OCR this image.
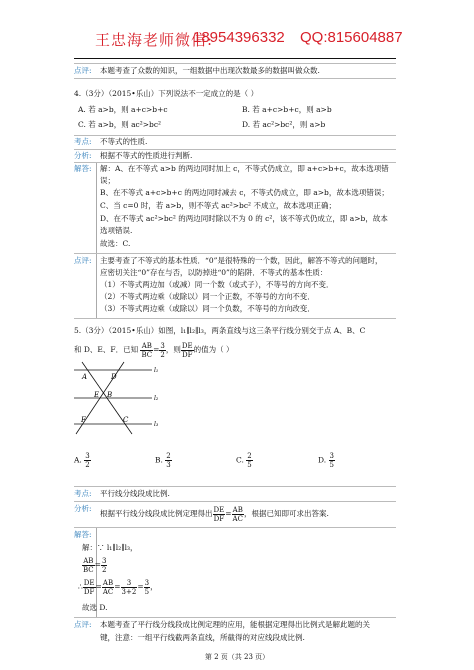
王忠海老师微信:
18954396332 QQ:815604887
点评: 本题考查了众数的知识，一组数据中出现次数最多的数据叫做众数.
4.（3分）（2015•乐山）下列说法不一定成立的是（ ）
A. 若 a>b，则 a+c>b+c	B. 若 a+c>b+c，则 a>b
C. 若 a>b，则 ac²>bc²	D. 若 ac²>bc²，则 a>b
考点: 不等式的性质.
分析: 根据不等式的性质进行判断.
解答: 解：A、在不等式 a>b 的两边同时加上 c，不等式仍成立，即 a+c>b+c，故本选项错
误；
B、在不等式 a+c>b+c 的两边同时减去 c，不等式仍成立，即 a>b，故本选项错误；
C、当 c=0 时，若 a>b，则不等式 ac²>bc² 不成立，故本选项正确；
D、在不等式 ac²>bc² 的两边同时除以不为 0 的 c²，该不等式仍成立，即 a>b，故本
选项错误.
故选：C.
点评: 主要考查了不等式的基本性质．“0”是很特殊的一个数，因此，解答不等式的问题时，
应密切关注“0”存在与否，以防掉进“0”的陷阱．不等式的基本性质：
（1）不等式两边加（或减）同一个数（或式子），不等号的方向不变．
（2）不等式两边乘（或除以）同一个正数，不等号的方向不变．
（3）不等式两边乘（或除以）同一个负数，不等号的方向改变．
5.（3分）（2015•乐山）如图，l₁∥l₂∥l₃，两条直线与这三条平行线分别交于点 A、B、C
和 D、E、F．已知 $\frac{AB}{BC} = \frac{3}{2}$ ，则 $\frac{DE}{DF}$ 的值为（ ）
A	D
E B
F	C
l₁
l₂
l₃
A. $\frac{3}{2}$	B. $\frac{2}{3}$	C. $\frac{2}{5}$	D. $\frac{3}{5}$
考点: 平行线分线段成比例.
分析:
根据平行线分线段成比例定理得出 $\frac{DE}{DF} = \frac{AB}{AC}$ ，根据已知即可求出答案.
解答:
解：∵ l₁∥l₂∥l₃，
$\frac{AB}{BC} = \frac{3}{2}$
∴ $\frac{DE}{DF} = \frac{AB}{AC} = \frac{3}{3+2} = \frac{3}{5}$ ，
故选 D.
点评: 本题考查了平行线分线段成比例定理的应用，能根据定理得出比例式是解此题的关
键，注意：一组平行线截两条直线，所截得的对应线段成比例.
第 2 页（共 23 页）
